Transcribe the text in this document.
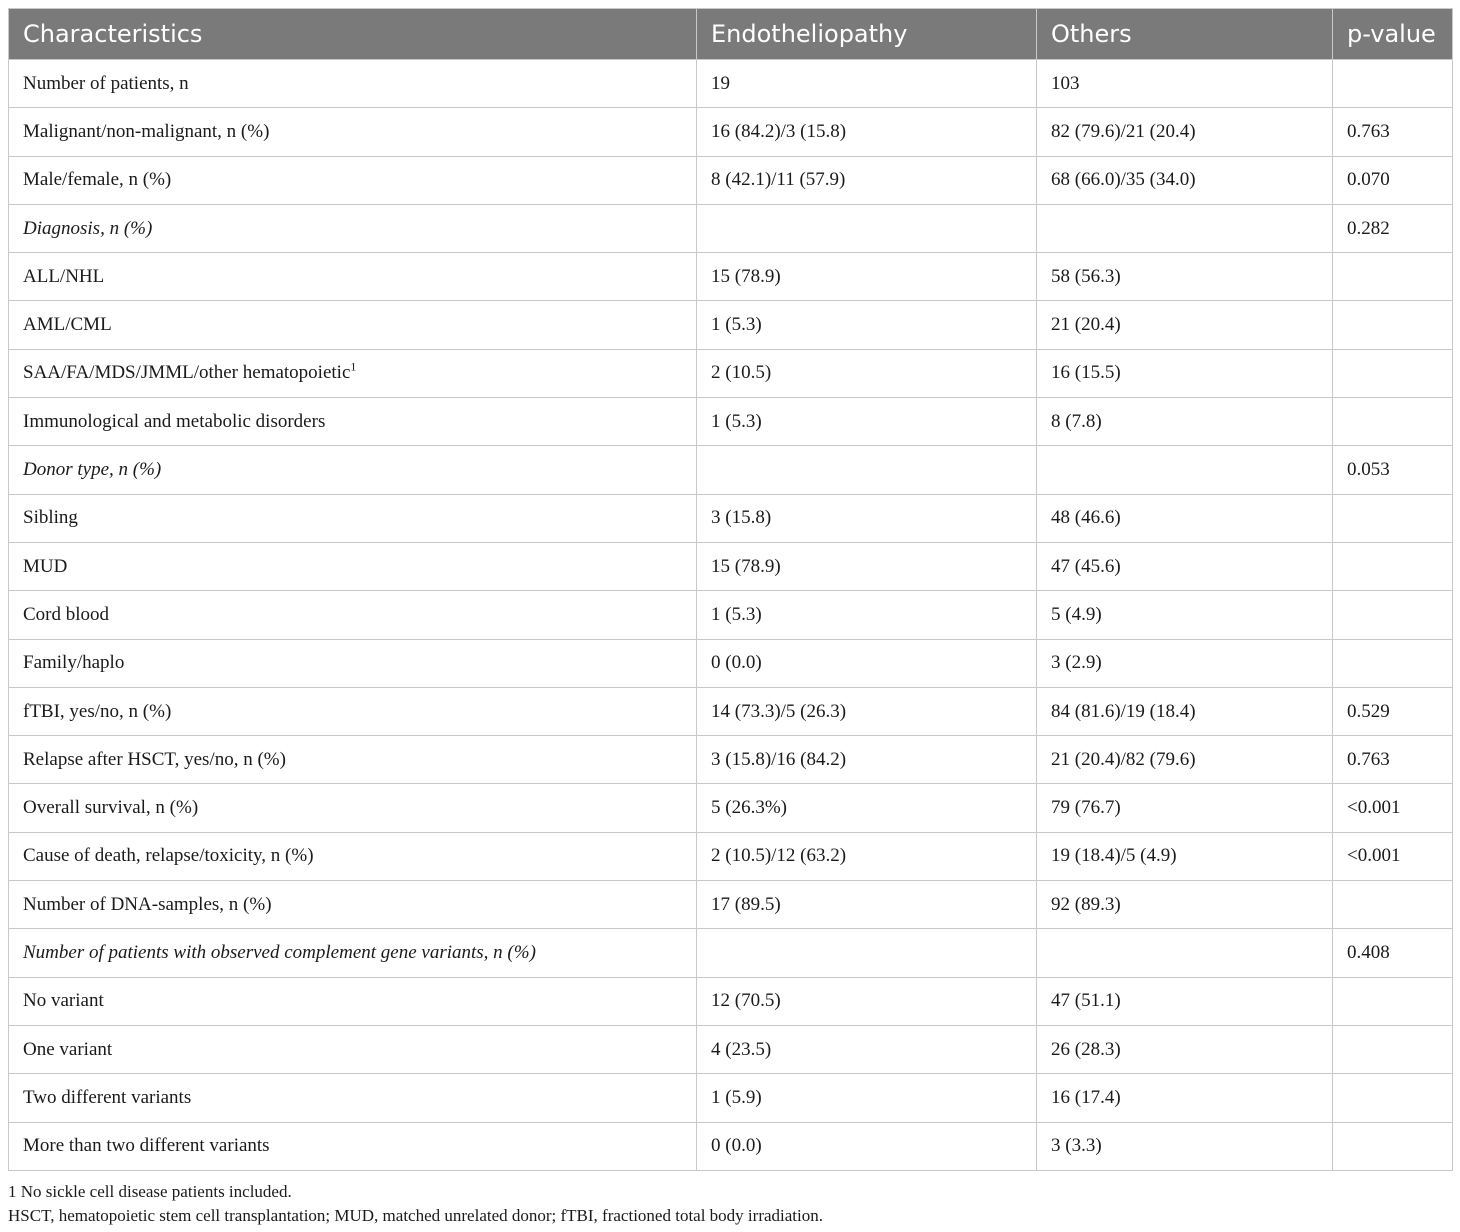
Characteristics	Endotheliopathy	Others	p-value
Number of patients, n	19	103	
Malignant/non-malignant, n (%)	16 (84.2)/3 (15.8)	82 (79.6)/21 (20.4)	0.763
Male/female, n (%)	8 (42.1)/11 (57.9)	68 (66.0)/35 (34.0)	0.070
Diagnosis, n (%)			0.282
ALL/NHL	15 (78.9)	58 (56.3)	
AML/CML	1 (5.3)	21 (20.4)	
SAA/FA/MDS/JMML/other hematopoietic$^1$	2 (10.5)	16 (15.5)	
Immunological and metabolic disorders	1 (5.3)	8 (7.8)	
Donor type, n (%)			0.053
Sibling	3 (15.8)	48 (46.6)	
MUD	15 (78.9)	47 (45.6)	
Cord blood	1 (5.3)	5 (4.9)	
Family/haplo	0 (0.0)	3 (2.9)	
fTBI, yes/no, n (%)	14 (73.3)/5 (26.3)	84 (81.6)/19 (18.4)	0.529
Relapse after HSCT, yes/no, n (%)	3 (15.8)/16 (84.2)	21 (20.4)/82 (79.6)	0.763
Overall survival, n (%)	5 (26.3%)	79 (76.7)	<0.001
Cause of death, relapse/toxicity, n (%)	2 (10.5)/12 (63.2)	19 (18.4)/5 (4.9)	<0.001
Number of DNA-samples, n (%)	17 (89.5)	92 (89.3)	
Number of patients with observed complement gene variants, n (%)			0.408
No variant	12 (70.5)	47 (51.1)	
One variant	4 (23.5)	26 (28.3)	
Two different variants	1 (5.9)	16 (17.4)	
More than two different variants	0 (0.0)	3 (3.3)	
1 No sickle cell disease patients included.
HSCT, hematopoietic stem cell transplantation; MUD, matched unrelated donor; fTBI, fractioned total body irradiation.
